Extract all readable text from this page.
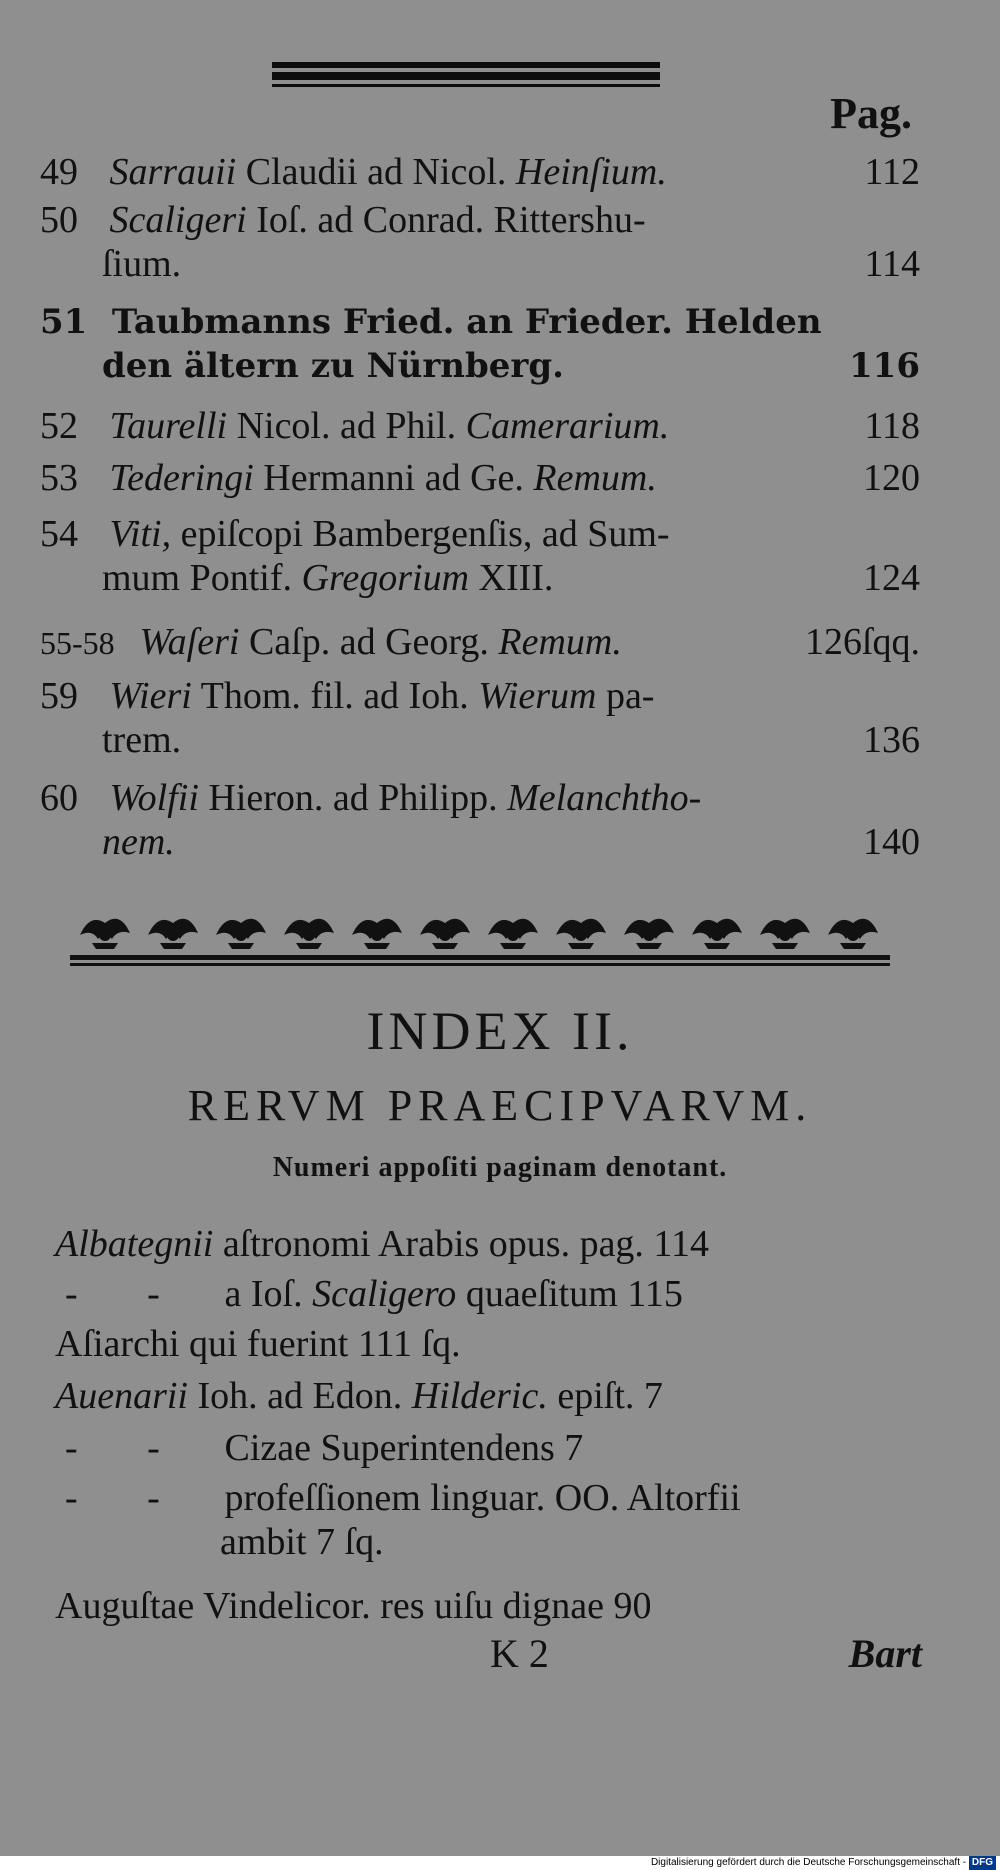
Pag.
49 Sarrauii Claudii ad Nicol. Heinſium.	112
50 Scaligeri Ioſ. ad Conrad. Rittershu-
ſium.	114
51 Taubmanns Fried. an Frieder. Helden
den ältern zu Nürnberg.	116
52 Taurelli Nicol. ad Phil. Camerarium.	118
53 Tederingi Hermanni ad Ge. Remum.	120
54 Viti, epiſcopi Bambergenſis, ad Sum-
mum Pontif. Gregorium XIII.	124
55-58 Waſeri Caſp. ad Georg. Remum.	126ſqq.
59 Wieri Thom. fil. ad Ioh. Wierum pa-
trem.	136
60 Wolfii Hieron. ad Philipp. Melanchtho-
nem.	140
INDEX II.
RERVM PRAECIPVARVM.
Numeri appoſiti paginam denotant.
Albategnii aſtronomi Arabis opus. pag. 114
- - a Ioſ. Scaligero quaeſitum 115
Aſiarchi qui fuerint 111 ſq.
Auenarii Ioh. ad Edon. Hilderic. epiſt. 7
- - Cizae Superintendens 7
- - profeſſionem linguar. OO. Altorfii
ambit 7 ſq.
Auguſtae Vindelicor. res uiſu dignae 90
K 2	Bart
Digitalisierung gefördert durch die Deutsche Forschungsgemeinschaft - DFG
